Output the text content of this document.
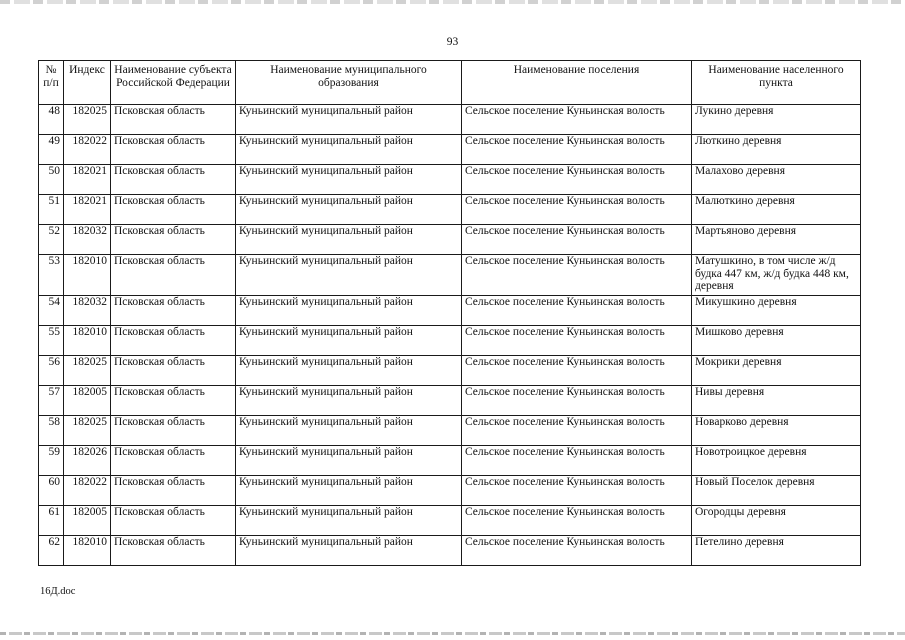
93
№ п/п	Индекс	Наименование субъекта Российской Федерации	Наименование муниципального образования	Наименование поселения	Наименование населенного пункта
48	182025	Псковская область	Куньинский муниципальный район	Сельское поселение Куньинская волость	Лукино деревня
49	182022	Псковская область	Куньинский муниципальный район	Сельское поселение Куньинская волость	Люткино деревня
50	182021	Псковская область	Куньинский муниципальный район	Сельское поселение Куньинская волость	Малахово деревня
51	182021	Псковская область	Куньинский муниципальный район	Сельское поселение Куньинская волость	Малюткино деревня
52	182032	Псковская область	Куньинский муниципальный район	Сельское поселение Куньинская волость	Мартьяново деревня
53	182010	Псковская область	Куньинский муниципальный район	Сельское поселение Куньинская волость	Матушкино, в том числе ж/д будка 447 км, ж/д будка 448 км, деревня
54	182032	Псковская область	Куньинский муниципальный район	Сельское поселение Куньинская волость	Микушкино деревня
55	182010	Псковская область	Куньинский муниципальный район	Сельское поселение Куньинская волость	Мишково деревня
56	182025	Псковская область	Куньинский муниципальный район	Сельское поселение Куньинская волость	Мокрики деревня
57	182005	Псковская область	Куньинский муниципальный район	Сельское поселение Куньинская волость	Нивы деревня
58	182025	Псковская область	Куньинский муниципальный район	Сельское поселение Куньинская волость	Новарково деревня
59	182026	Псковская область	Куньинский муниципальный район	Сельское поселение Куньинская волость	Новотроицкое деревня
60	182022	Псковская область	Куньинский муниципальный район	Сельское поселение Куньинская волость	Новый Поселок деревня
61	182005	Псковская область	Куньинский муниципальный район	Сельское поселение Куньинская волость	Огородцы деревня
62	182010	Псковская область	Куньинский муниципальный район	Сельское поселение Куньинская волость	Петелино деревня
16Д.doc
